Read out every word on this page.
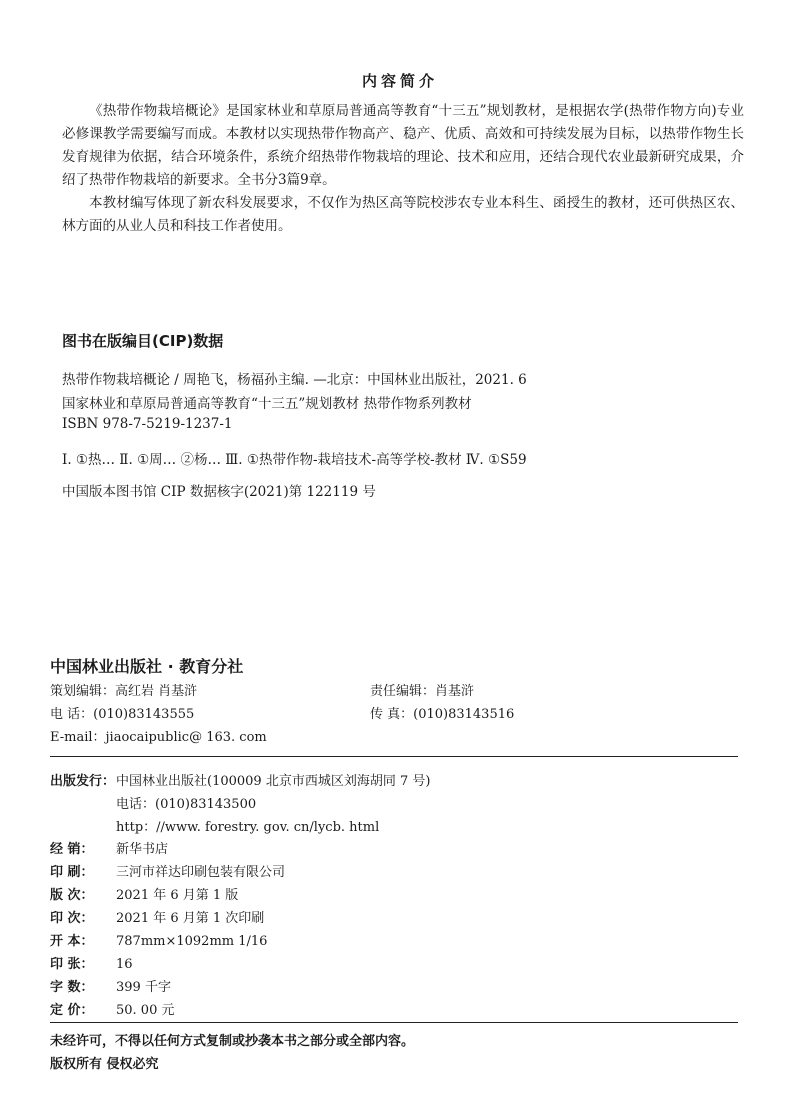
内容简介

《热带作物栽培概论》是国家林业和草原局普通高等教育“十三五”规划教材，是根据农学(热带作物方向)专业必修课教学需要编写而成。本教材以实现热带作物高产、稳产、优质、高效和可持续发展为目标，以热带作物生长发育规律为依据，结合环境条件，系统介绍热带作物栽培的理论、技术和应用，还结合现代农业最新研究成果，介绍了热带作物栽培的新要求。全书分3篇9章。

本教材编写体现了新农科发展要求，不仅作为热区高等院校涉农专业本科生、函授生的教材，还可供热区农、林方面的从业人员和科技工作者使用。

图书在版编目(CIP)数据
热带作物栽培概论 / 周艳飞，杨福孙主编. —北京：中国林业出版社，2021. 6
国家林业和草原局普通高等教育“十三五”规划教材 热带作物系列教材
ISBN 978-7-5219-1237-1
Ⅰ. ①热… Ⅱ. ①周… ②杨… Ⅲ. ①热带作物-栽培技术-高等学校-教材 Ⅳ. ①S59
中国版本图书馆 CIP 数据核字(2021)第 122119 号
中国林业出版社 · 教育分社
策划编辑：高红岩 肖基浒	责任编辑：肖基浒
电 话：(010)83143555	传 真：(010)83143516
E-mail：jiaocaipublic@ 163. com
出版发行：中国林业出版社(100009 北京市西城区刘海胡同 7 号)
电话：(010)83143500
http：//www. forestry. gov. cn/lycb. html
经 销： 新华书店
印 刷： 三河市祥达印刷包装有限公司
版 次： 2021 年 6 月第 1 版
印 次： 2021 年 6 月第 1 次印刷
开 本： 787mm×1092mm 1/16
印 张： 16
字 数： 399 千字
定 价： 50. 00 元
未经许可，不得以任何方式复制或抄袭本书之部分或全部内容。
版权所有 侵权必究
